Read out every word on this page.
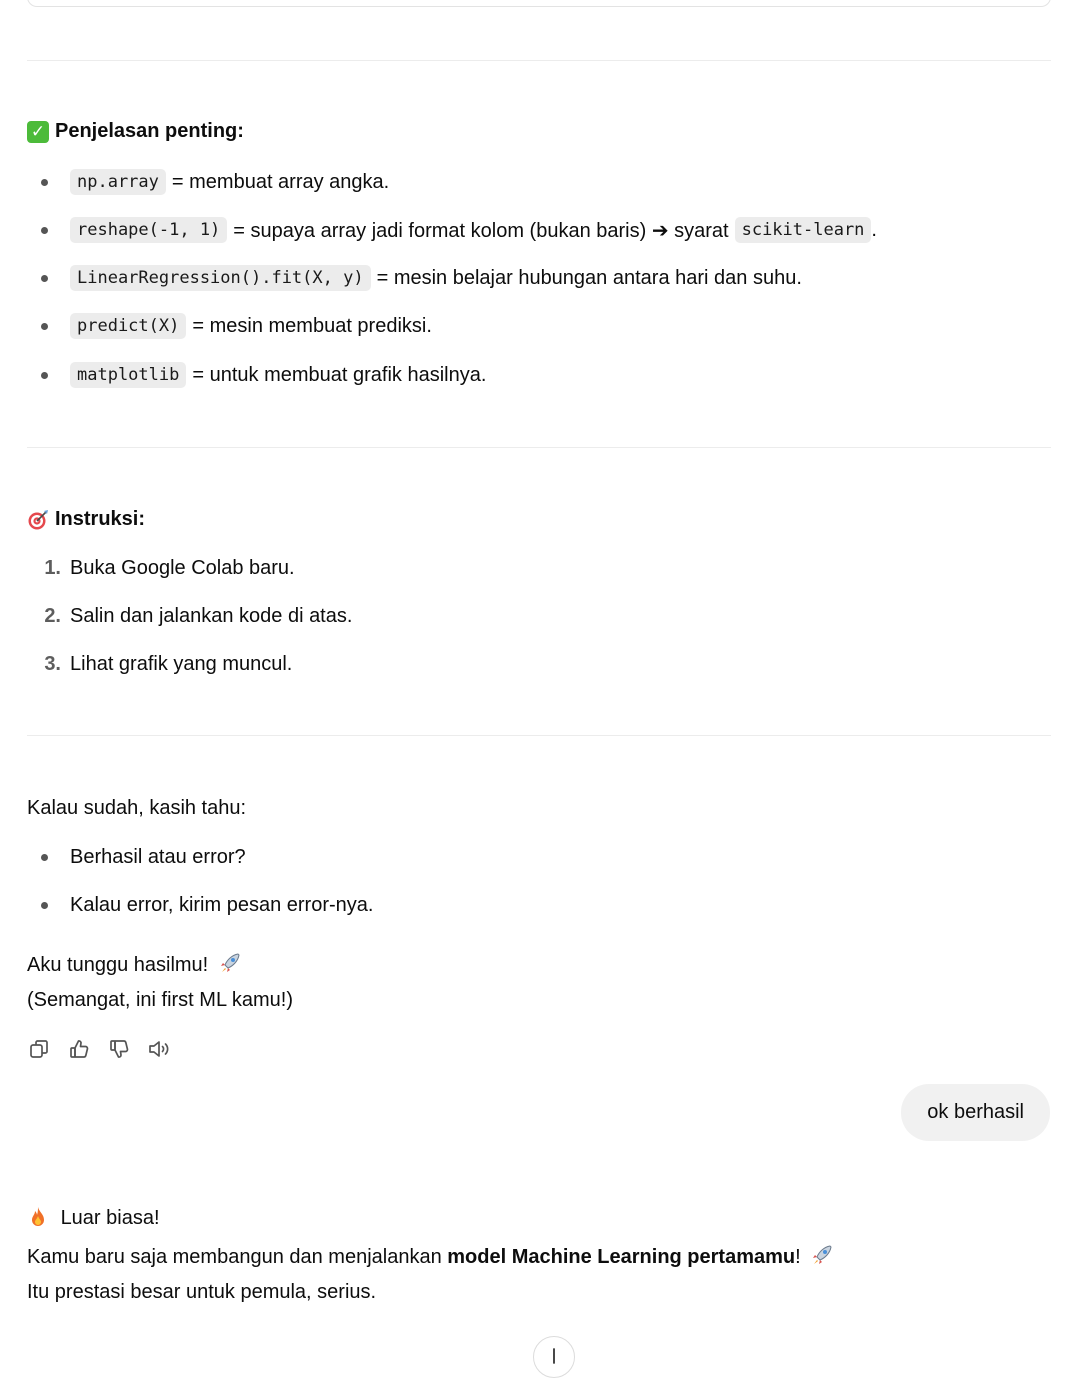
✓ Penjelasan penting:
np.array = membuat array angka.
reshape(-1, 1) = supaya array jadi format kolom (bukan baris) ➔ syarat scikit-learn .
LinearRegression().fit(X, y) = mesin belajar hubungan antara hari dan suhu.
predict(X) = mesin membuat prediksi.
matplotlib = untuk membuat grafik hasilnya.
Instruksi:
1. Buka Google Colab baru.
2. Salin dan jalankan kode di atas.
3. Lihat grafik yang muncul.
Kalau sudah, kasih tahu:
Berhasil atau error?
Kalau error, kirim pesan error-nya.
Aku tunggu hasilmu!
(Semangat, ini first ML kamu!)
ok berhasil
Luar biasa!
Kamu baru saja membangun dan menjalankan model Machine Learning pertamamu!
Itu prestasi besar untuk pemula, serius.
